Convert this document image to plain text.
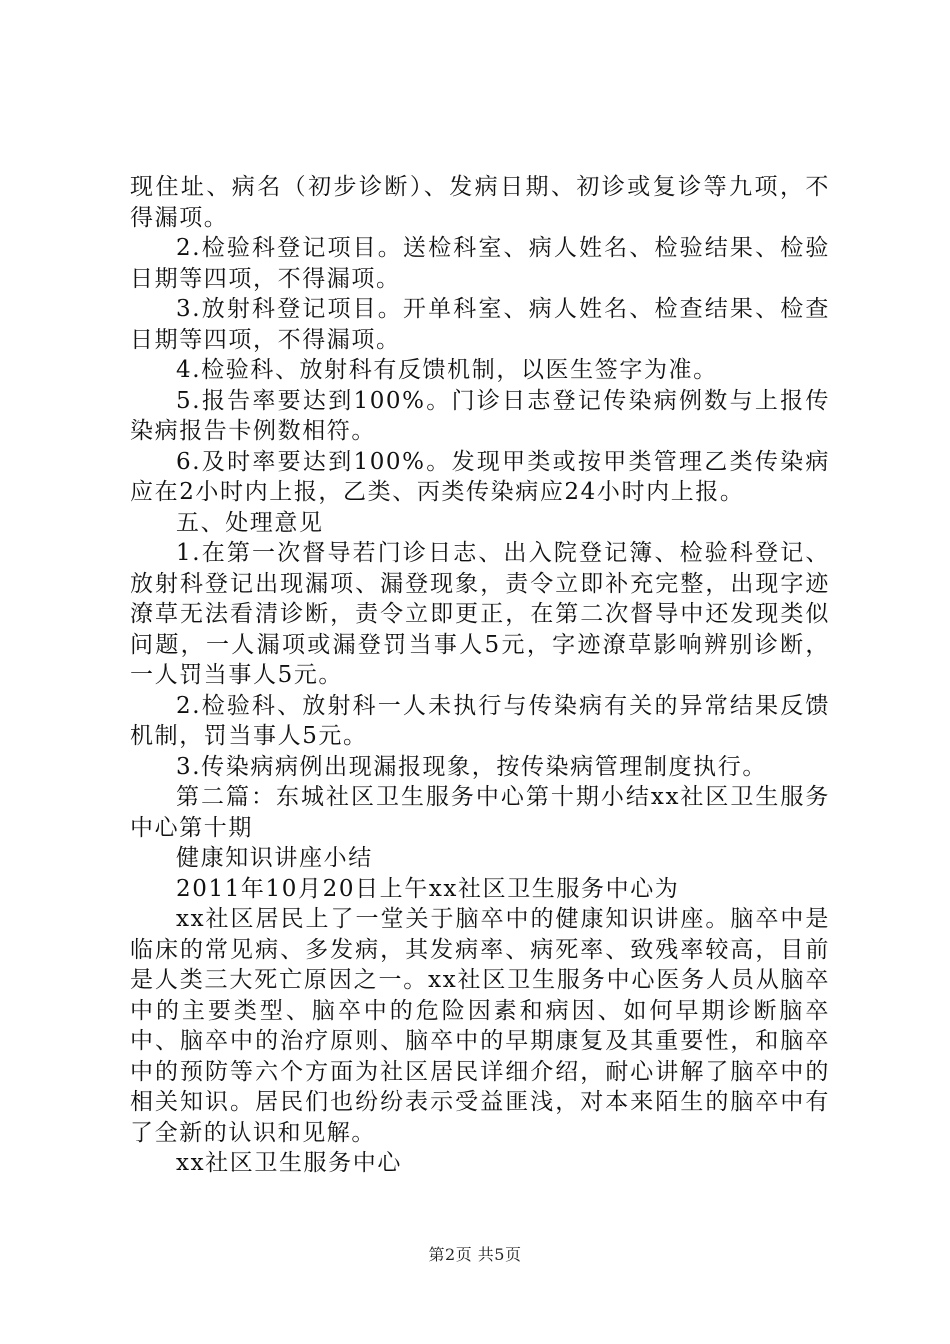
现住址、病名（初步诊断）、发病日期、初诊或复诊等九项，不得漏项。

2.检验科登记项目。送检科室、病人姓名、检验结果、检验日期等四项，不得漏项。

3.放射科登记项目。开单科室、病人姓名、检查结果、检查日期等四项，不得漏项。

4.检验科、放射科有反馈机制，以医生签字为准。

5.报告率要达到100%。门诊日志登记传染病例数与上报传染病报告卡例数相符。

6.及时率要达到100%。发现甲类或按甲类管理乙类传染病应在2小时内上报，乙类、丙类传染病应24小时内上报。

五、处理意见

1.在第一次督导若门诊日志、出入院登记簿、检验科登记、放射科登记出现漏项、漏登现象，责令立即补充完整，出现字迹潦草无法看清诊断，责令立即更正，在第二次督导中还发现类似问题，一人漏项或漏登罚当事人5元，字迹潦草影响辨别诊断，一人罚当事人5元。

2.检验科、放射科一人未执行与传染病有关的异常结果反馈机制，罚当事人5元。

3.传染病病例出现漏报现象，按传染病管理制度执行。

第二篇：东城社区卫生服务中心第十期小结xx社区卫生服务中心第十期

健康知识讲座小结

2011年10月20日上午xx社区卫生服务中心为

xx社区居民上了一堂关于脑卒中的健康知识讲座。脑卒中是临床的常见病、多发病，其发病率、病死率、致残率较高，目前是人类三大死亡原因之一。xx社区卫生服务中心医务人员从脑卒中的主要类型、脑卒中的危险因素和病因、如何早期诊断脑卒中、脑卒中的治疗原则、脑卒中的早期康复及其重要性，和脑卒中的预防等六个方面为社区居民详细介绍，耐心讲解了脑卒中的相关知识。居民们也纷纷表示受益匪浅，对本来陌生的脑卒中有了全新的认识和见解。

xx社区卫生服务中心

第2页 共5页
